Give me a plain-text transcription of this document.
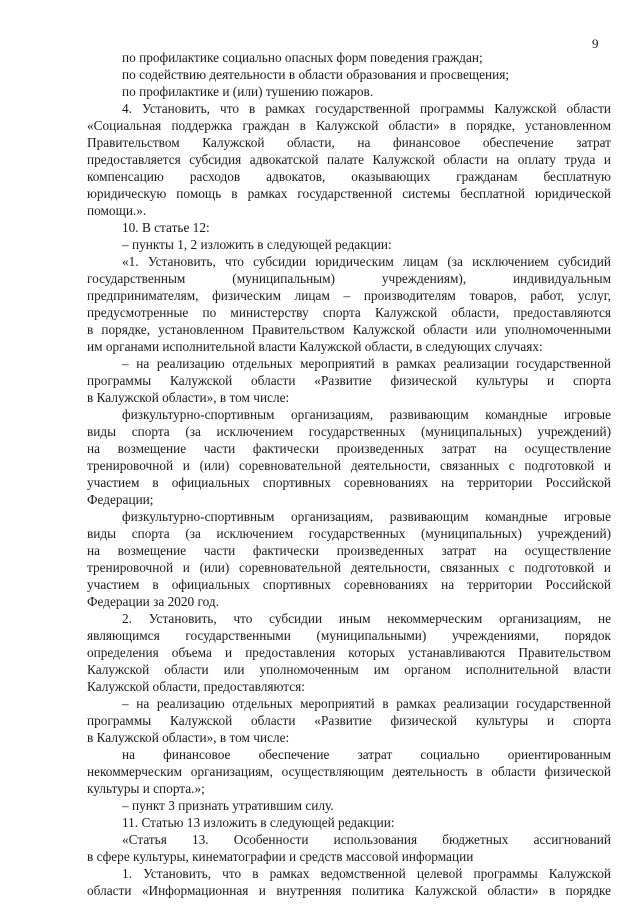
9

по профилактике социально опасных форм поведения граждан;

по содействию деятельности в области образования и просвещения;

по профилактике и (или) тушению пожаров.

4. Установить, что в рамках государственной программы Калужской области

«Социальная поддержка граждан в Калужской области» в порядке, установленном

Правительством Калужской области, на финансовое обеспечение затрат

предоставляется субсидия адвокатской палате Калужской области на оплату труда и

компенсацию расходов адвокатов, оказывающих гражданам бесплатную

юридическую помощь в рамках государственной системы бесплатной юридической

помощи.».

10. В статье 12:

– пункты 1, 2 изложить в следующей редакции:

«1. Установить, что субсидии юридическим лицам (за исключением субсидий

государственным (муниципальным) учреждениям), индивидуальным

предпринимателям, физическим лицам – производителям товаров, работ, услуг,

предусмотренные по министерству спорта Калужской области, предоставляются

в порядке, установленном Правительством Калужской области или уполномоченными

им органами исполнительной власти Калужской области, в следующих случаях:

– на реализацию отдельных мероприятий в рамках реализации государственной

программы Калужской области «Развитие физической культуры и спорта

в Калужской области», в том числе:

физкультурно-спортивным организациям, развивающим командные игровые

виды спорта (за исключением государственных (муниципальных) учреждений)

на возмещение части фактически произведенных затрат на осуществление

тренировочной и (или) соревновательной деятельности, связанных с подготовкой и

участием в официальных спортивных соревнованиях на территории Российской

Федерации;

физкультурно-спортивным организациям, развивающим командные игровые

виды спорта (за исключением государственных (муниципальных) учреждений)

на возмещение части фактически произведенных затрат на осуществление

тренировочной и (или) соревновательной деятельности, связанных с подготовкой и

участием в официальных спортивных соревнованиях на территории Российской

Федерации за 2020 год.

2. Установить, что субсидии иным некоммерческим организациям, не

являющимся государственными (муниципальными) учреждениями, порядок

определения объема и предоставления которых устанавливаются Правительством

Калужской области или уполномоченным им органом исполнительной власти

Калужской области, предоставляются:

– на реализацию отдельных мероприятий в рамках реализации государственной

программы Калужской области «Развитие физической культуры и спорта

в Калужской области», в том числе:

на финансовое обеспечение затрат социально ориентированным

некоммерческим организациям, осуществляющим деятельность в области физической

культуры и спорта.»;

– пункт 3 признать утратившим силу.

11. Статью 13 изложить в следующей редакции:

«Статья 13. Особенности использования бюджетных ассигнований

в сфере культуры, кинематографии и средств массовой информации

1. Установить, что в рамках ведомственной целевой программы Калужской

области «Информационная и внутренняя политика Калужской области» в порядке
